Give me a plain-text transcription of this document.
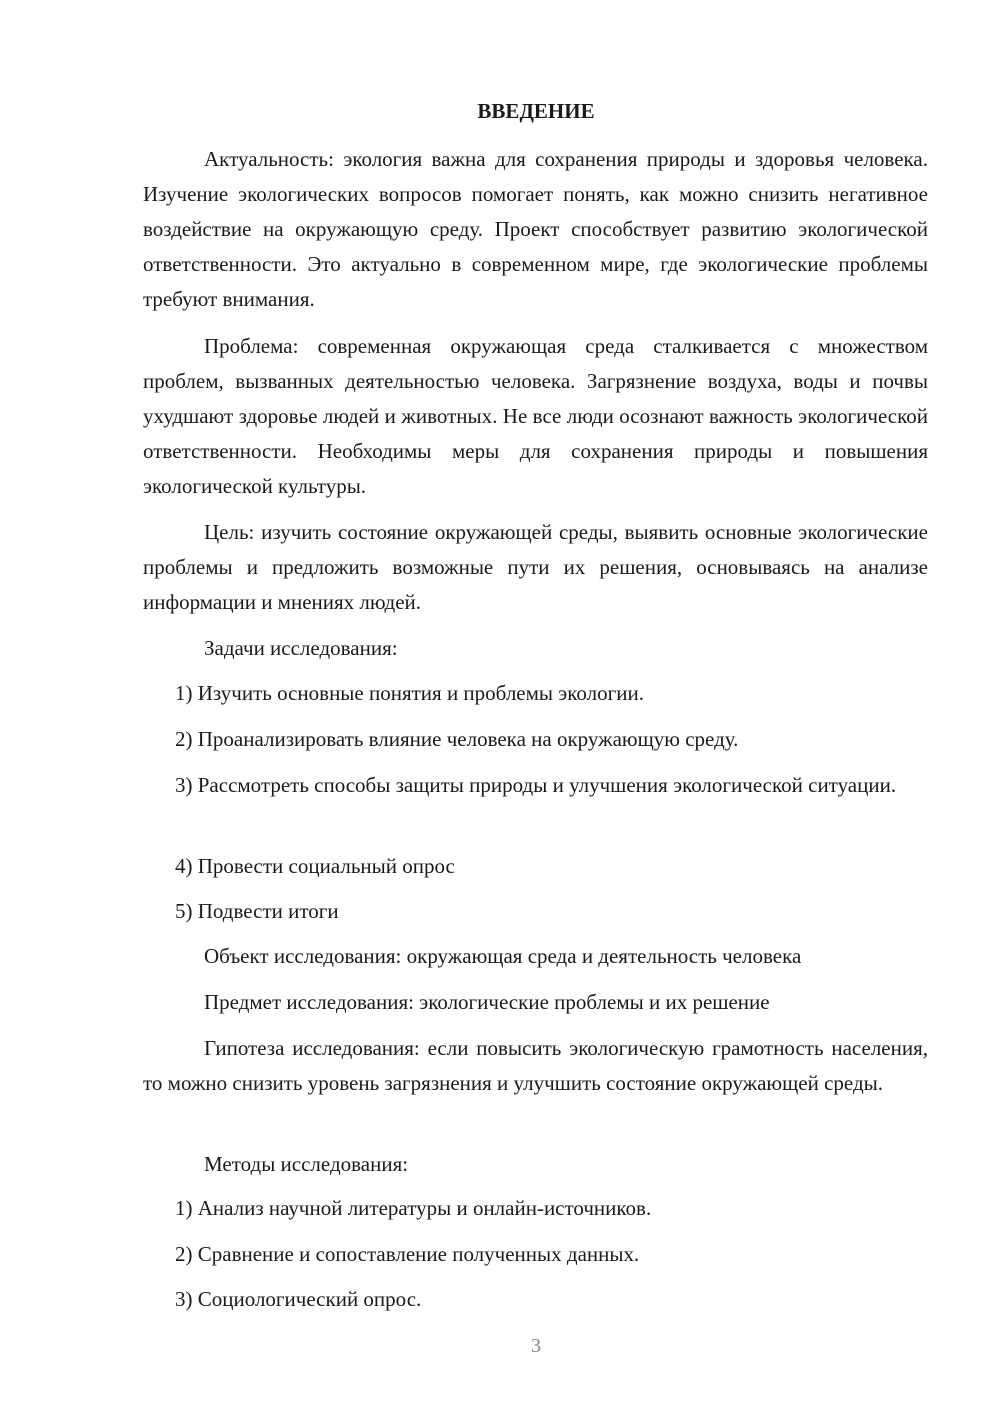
ВВЕДЕНИЕ
Актуальность: экология важна для сохранения природы и здоровья человека. Изучение экологических вопросов помогает понять, как можно снизить негативное воздействие на окружающую среду. Проект способствует развитию экологической ответственности. Это актуально в современном мире, где экологические проблемы требуют внимания.
Проблема: современная окружающая среда сталкивается с множеством проблем, вызванных деятельностью человека. Загрязнение воздуха, воды и почвы ухудшают здоровье людей и животных. Не все люди осознают важность экологической ответственности. Необходимы меры для сохранения природы и повышения экологической культуры.
Цель: изучить состояние окружающей среды, выявить основные экологические проблемы и предложить возможные пути их решения, основываясь на анализе информации и мнениях людей.
Задачи исследования:
1) Изучить основные понятия и проблемы экологии.
2) Проанализировать влияние человека на окружающую среду.
3) Рассмотреть способы защиты природы и улучшения экологической ситуации.
4) Провести социальный опрос
5) Подвести итоги
Объект исследования: окружающая среда и деятельность человека
Предмет исследования: экологические проблемы и их решение
Гипотеза исследования: если повысить экологическую грамотность населения, то можно снизить уровень загрязнения и улучшить состояние окружающей среды.
Методы исследования:
1) Анализ научной литературы и онлайн-источников.
2) Сравнение и сопоставление полученных данных.
3) Социологический опрос.
3
